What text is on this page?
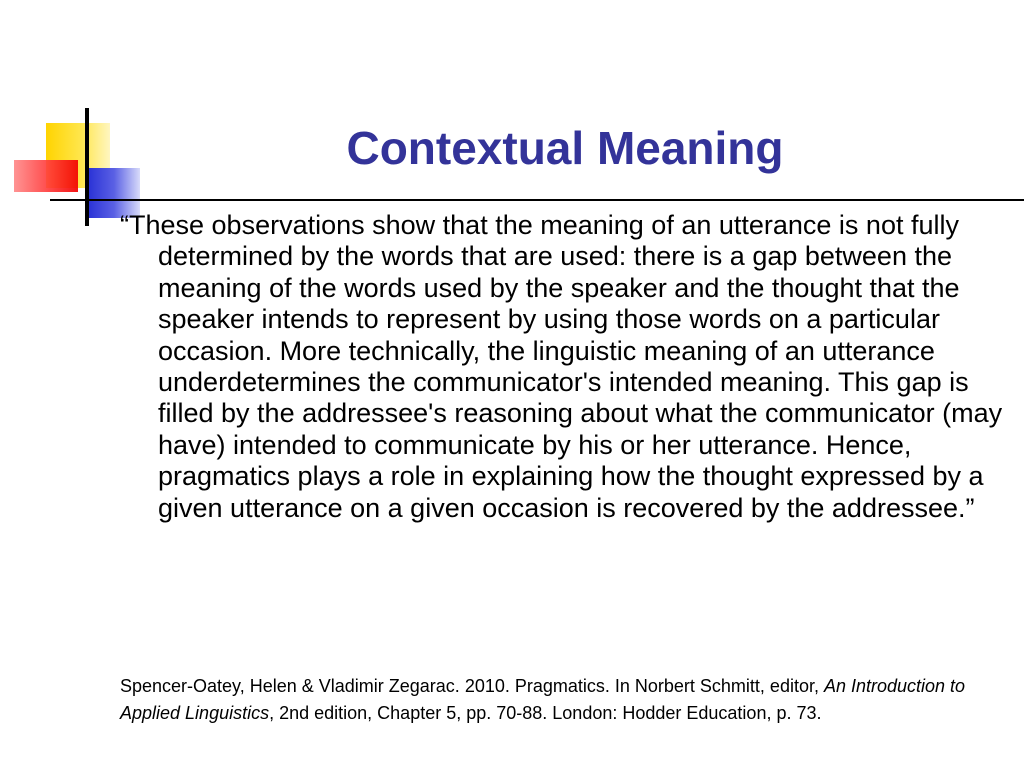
Contextual Meaning

“These observations show that the meaning of an utterance is not fully determined by the words that are used: there is a gap between the meaning of the words used by the speaker and the thought that the speaker intends to represent by using those words on a particular occasion. More technically, the linguistic meaning of an utterance underdetermines the communicator's intended meaning. This gap is filled by the addressee's reasoning about what the communicator (may have) intended to communicate by his or her utterance. Hence, pragmatics plays a role in explaining how the thought expressed by a given utterance on a given occasion is recovered by the addressee.”

Spencer-Oatey, Helen & Vladimir Zegarac. 2010. Pragmatics. In Norbert Schmitt, editor, An Introduction to Applied Linguistics, 2nd edition, Chapter 5, pp. 70-88. London: Hodder Education, p. 73.
